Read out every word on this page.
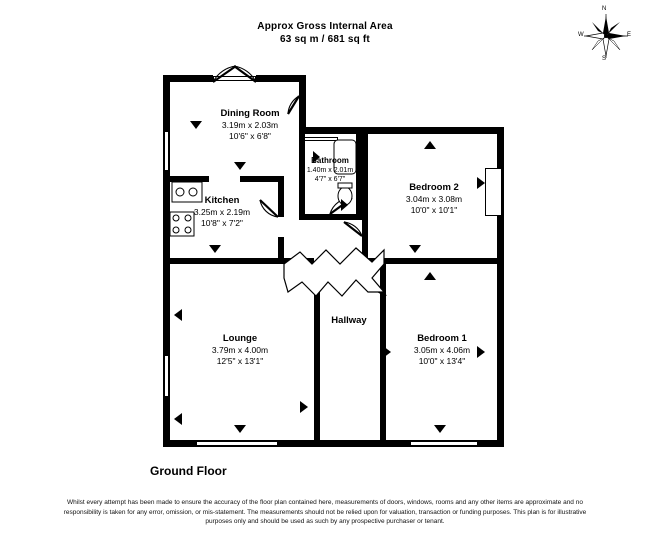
Approx Gross Internal Area
63 sq m / 681 sq ft
N
E
S
W
Dining Room
3.19m x 2.03m
10'6" x 6'8"
Bathroom
1.40m x 2.01m
4'7" x 6'7"
Bedroom 2
3.04m x 3.08m
10'0" x 10'1"
Kitchen
3.25m x 2.19m
10'8" x 7'2"
Lounge
3.79m x 4.00m
12'5" x 13'1"
Bedroom 1
3.05m x 4.06m
10'0" x 13'4"
Hallway
Ground Floor
Whilst every attempt has been made to ensure the accuracy of the floor plan contained here, measurements of doors, windows, rooms and any other items are approximate and no responsibility is taken for any error, omission, or mis-statement. The measurements should not be relied upon for valuation, transaction or funding purposes. This plan is for illustrative purposes only and should be used as such by any prospective purchaser or tenant.
